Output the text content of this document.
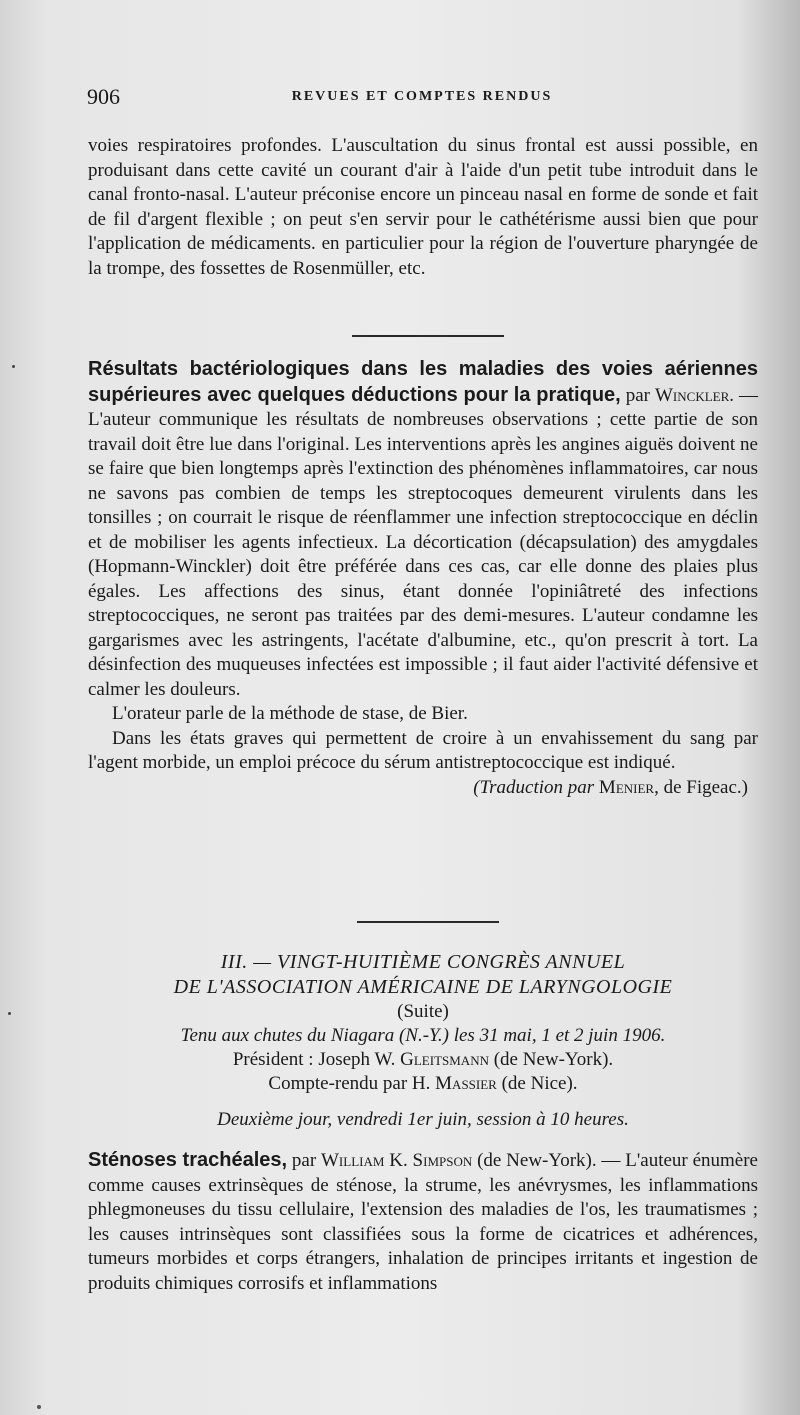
906	REVUES ET COMPTES RENDUS

voies respiratoires profondes. L'auscultation du sinus frontal est aussi possible, en produisant dans cette cavité un courant d'air à l'aide d'un petit tube introduit dans le canal fronto-nasal. L'auteur préconise encore un pinceau nasal en forme de sonde et fait de fil d'argent flexible ; on peut s'en servir pour le cathétérisme aussi bien que pour l'application de médicaments. en particulier pour la région de l'ouverture pharyngée de la trompe, des fossettes de Rosenmüller, etc.

Résultats bactériologiques dans les maladies des voies aériennes supérieures avec quelques déductions pour la pratique, par Winckler. — L'auteur communique les résultats de nombreuses observations ; cette partie de son travail doit être lue dans l'original. Les interventions après les angines aiguës doivent ne se faire que bien longtemps après l'extinction des phénomènes inflammatoires, car nous ne savons pas combien de temps les streptocoques demeurent virulents dans les tonsilles ; on courrait le risque de réenflammer une infection streptococcique en déclin et de mobiliser les agents infectieux. La décortication (décapsulation) des amygdales (Hopmann-Winckler) doit être préférée dans ces cas, car elle donne des plaies plus égales. Les affections des sinus, étant donnée l'opiniâtreté des infections streptococciques, ne seront pas traitées par des demi-mesures. L'auteur condamne les gargarismes avec les astringents, l'acétate d'albumine, etc., qu'on prescrit à tort. La désinfection des muqueuses infectées est impossible ; il faut aider l'activité défensive et calmer les douleurs.

L'orateur parle de la méthode de stase, de Bier.

Dans les états graves qui permettent de croire à un envahissement du sang par l'agent morbide, un emploi précoce du sérum antistreptococcique est indiqué.

(Traduction par Menier, de Figeac.)
III. — VINGT-HUITIÈME CONGRÈS ANNUEL
DE L'ASSOCIATION AMÉRICAINE DE LARYNGOLOGIE
(Suite)
Tenu aux chutes du Niagara (N.-Y.) les 31 mai, 1 et 2 juin 1906.
Président : Joseph W. Gleitsmann (de New-York).
Compte-rendu par H. Massier (de Nice).
Deuxième jour, vendredi 1er juin, session à 10 heures.

Sténoses trachéales, par William K. Simpson (de New-York). — L'auteur énumère comme causes extrinsèques de sténose, la strume, les anévrysmes, les inflammations phlegmoneuses du tissu cellulaire, l'extension des maladies de l'os, les traumatismes ; les causes intrinsèques sont classifiées sous la forme de cicatrices et adhérences, tumeurs morbides et corps étrangers, inhalation de principes irritants et ingestion de produits chimiques corrosifs et inflammations
